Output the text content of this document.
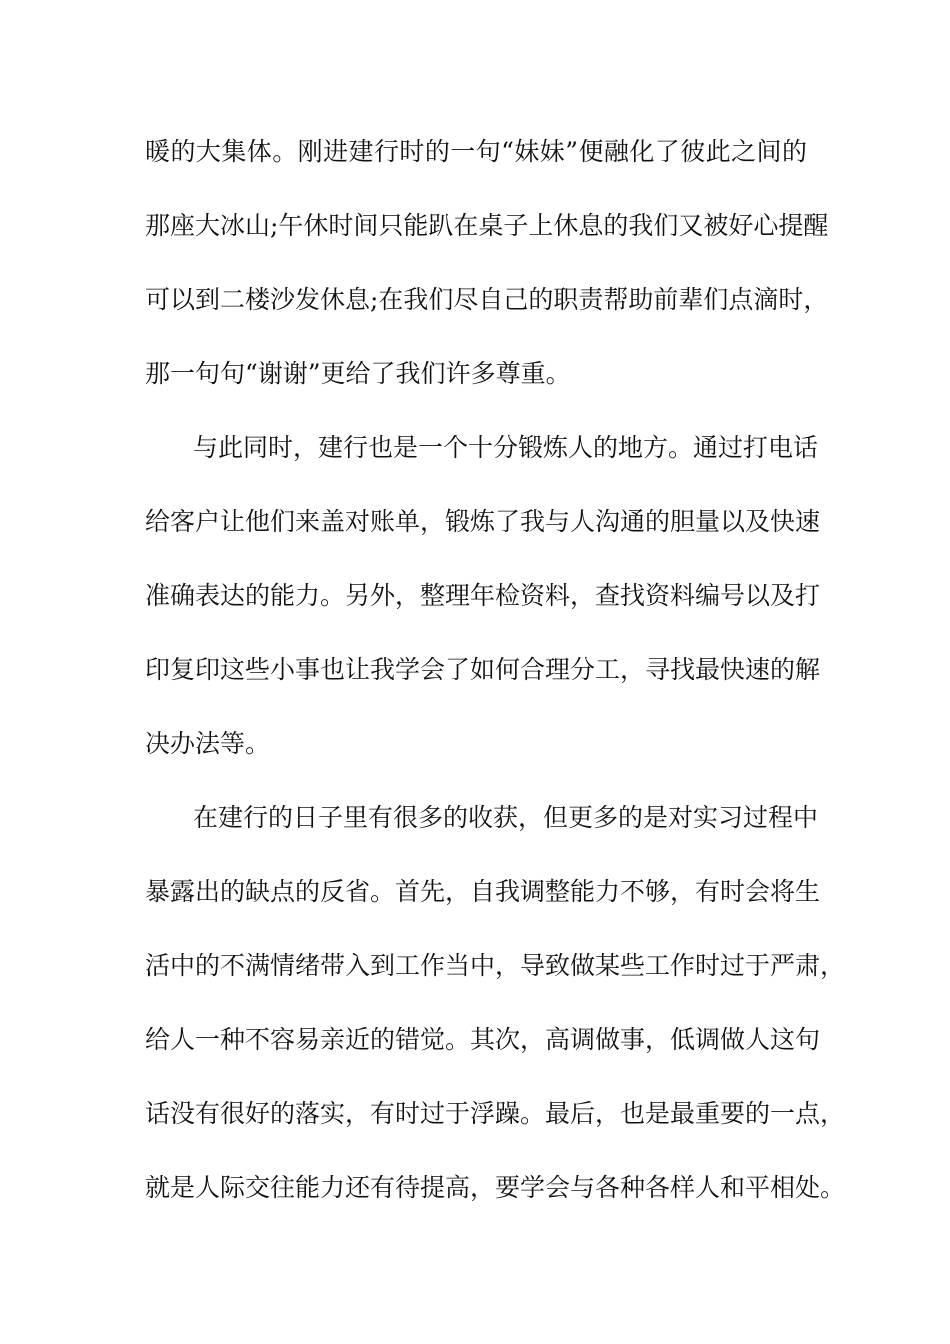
暖的大集体。刚进建行时的一句“妹妹”便融化了彼此之间的
那座大冰山;午休时间只能趴在桌子上休息的我们又被好心提醒
可以到二楼沙发休息;在我们尽自己的职责帮助前辈们点滴时，
那一句句“谢谢”更给了我们许多尊重。
与此同时，建行也是一个十分锻炼人的地方。通过打电话
给客户让他们来盖对账单，锻炼了我与人沟通的胆量以及快速
准确表达的能力。另外，整理年检资料，查找资料编号以及打
印复印这些小事也让我学会了如何合理分工，寻找最快速的解
决办法等。
在建行的日子里有很多的收获，但更多的是对实习过程中
暴露出的缺点的反省。首先，自我调整能力不够，有时会将生
活中的不满情绪带入到工作当中，导致做某些工作时过于严肃，
给人一种不容易亲近的错觉。其次，高调做事，低调做人这句
话没有很好的落实，有时过于浮躁。最后，也是最重要的一点，
就是人际交往能力还有待提高，要学会与各种各样人和平相处。
